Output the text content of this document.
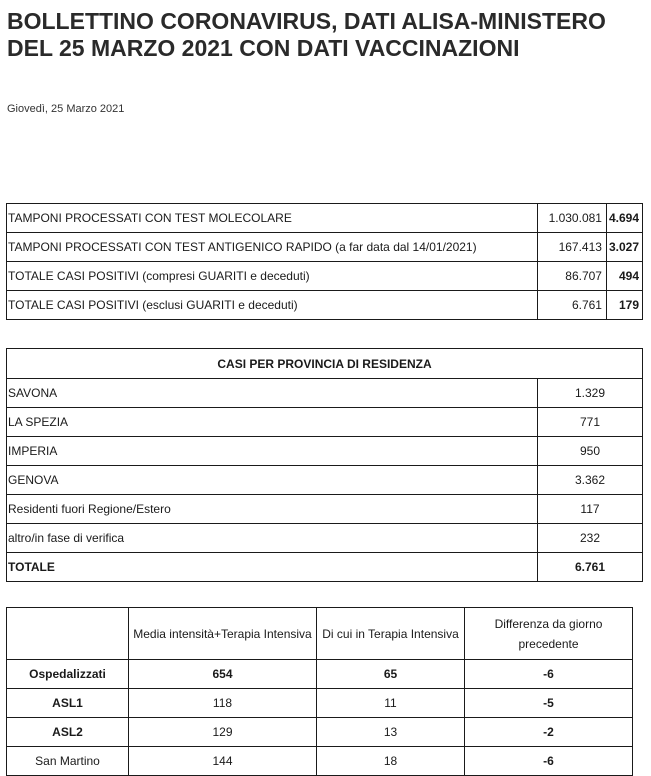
BOLLETTINO CORONAVIRUS, DATI ALISA-MINISTERO DEL 25 MARZO 2021 CON DATI VACCINAZIONI
Giovedì, 25 Marzo 2021
TAMPONI PROCESSATI CON TEST MOLECOLARE	1.030.081	4.694
TAMPONI PROCESSATI CON TEST ANTIGENICO RAPIDO (a far data dal 14/01/2021)	167.413	3.027
TOTALE CASI POSITIVI (compresi GUARITI e deceduti)	86.707	494
TOTALE CASI POSITIVI (esclusi GUARITI e deceduti)	6.761	179
CASI PER PROVINCIA DI RESIDENZA	
SAVONA	1.329
LA SPEZIA	771
IMPERIA	950
GENOVA	3.362
Residenti fuori Regione/Estero	117
altro/in fase di verifica	232
TOTALE	6.761
	Media intensità+Terapia Intensiva	Di cui in Terapia Intensiva	Differenza da giorno precedente
Ospedalizzati	654	65	-6
ASL1	118	11	-5
ASL2	129	13	-2
San Martino	144	18	-6
